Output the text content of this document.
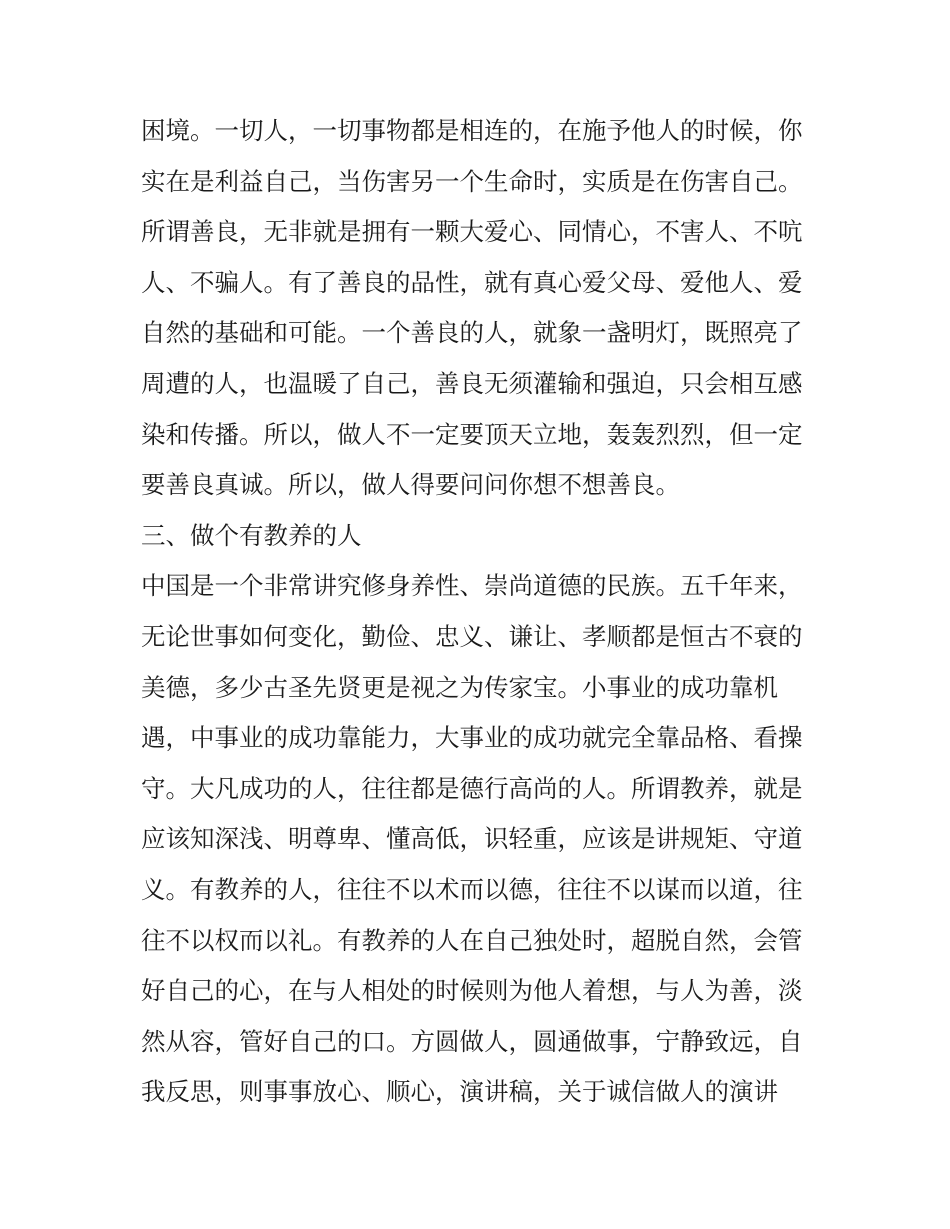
困境。一切人，一切事物都是相连的，在施予他人的时候，你
实在是利益自己，当伤害另一个生命时，实质是在伤害自己。
所谓善良，无非就是拥有一颗大爱心、同情心，不害人、不吭
人、不骗人。有了善良的品性，就有真心爱父母、爱他人、爱
自然的基础和可能。一个善良的人，就象一盏明灯，既照亮了
周遭的人，也温暖了自己，善良无须灌输和强迫，只会相互感
染和传播。所以，做人不一定要顶天立地，轰轰烈烈，但一定
要善良真诚。所以，做人得要问问你想不想善良。
三、做个有教养的人
中国是一个非常讲究修身养性、崇尚道德的民族。五千年来，
无论世事如何变化，勤俭、忠义、谦让、孝顺都是恒古不衰的
美德，多少古圣先贤更是视之为传家宝。小事业的成功靠机
遇，中事业的成功靠能力，大事业的成功就完全靠品格、看操
守。大凡成功的人，往往都是德行高尚的人。所谓教养，就是
应该知深浅、明尊卑、懂高低，识轻重，应该是讲规矩、守道
义。有教养的人，往往不以术而以德，往往不以谋而以道，往
往不以权而以礼。有教养的人在自己独处时，超脱自然，会管
好自己的心，在与人相处的时候则为他人着想，与人为善，淡
然从容，管好自己的口。方圆做人，圆通做事，宁静致远，自
我反思，则事事放心、顺心，演讲稿，关于诚信做人的演讲
